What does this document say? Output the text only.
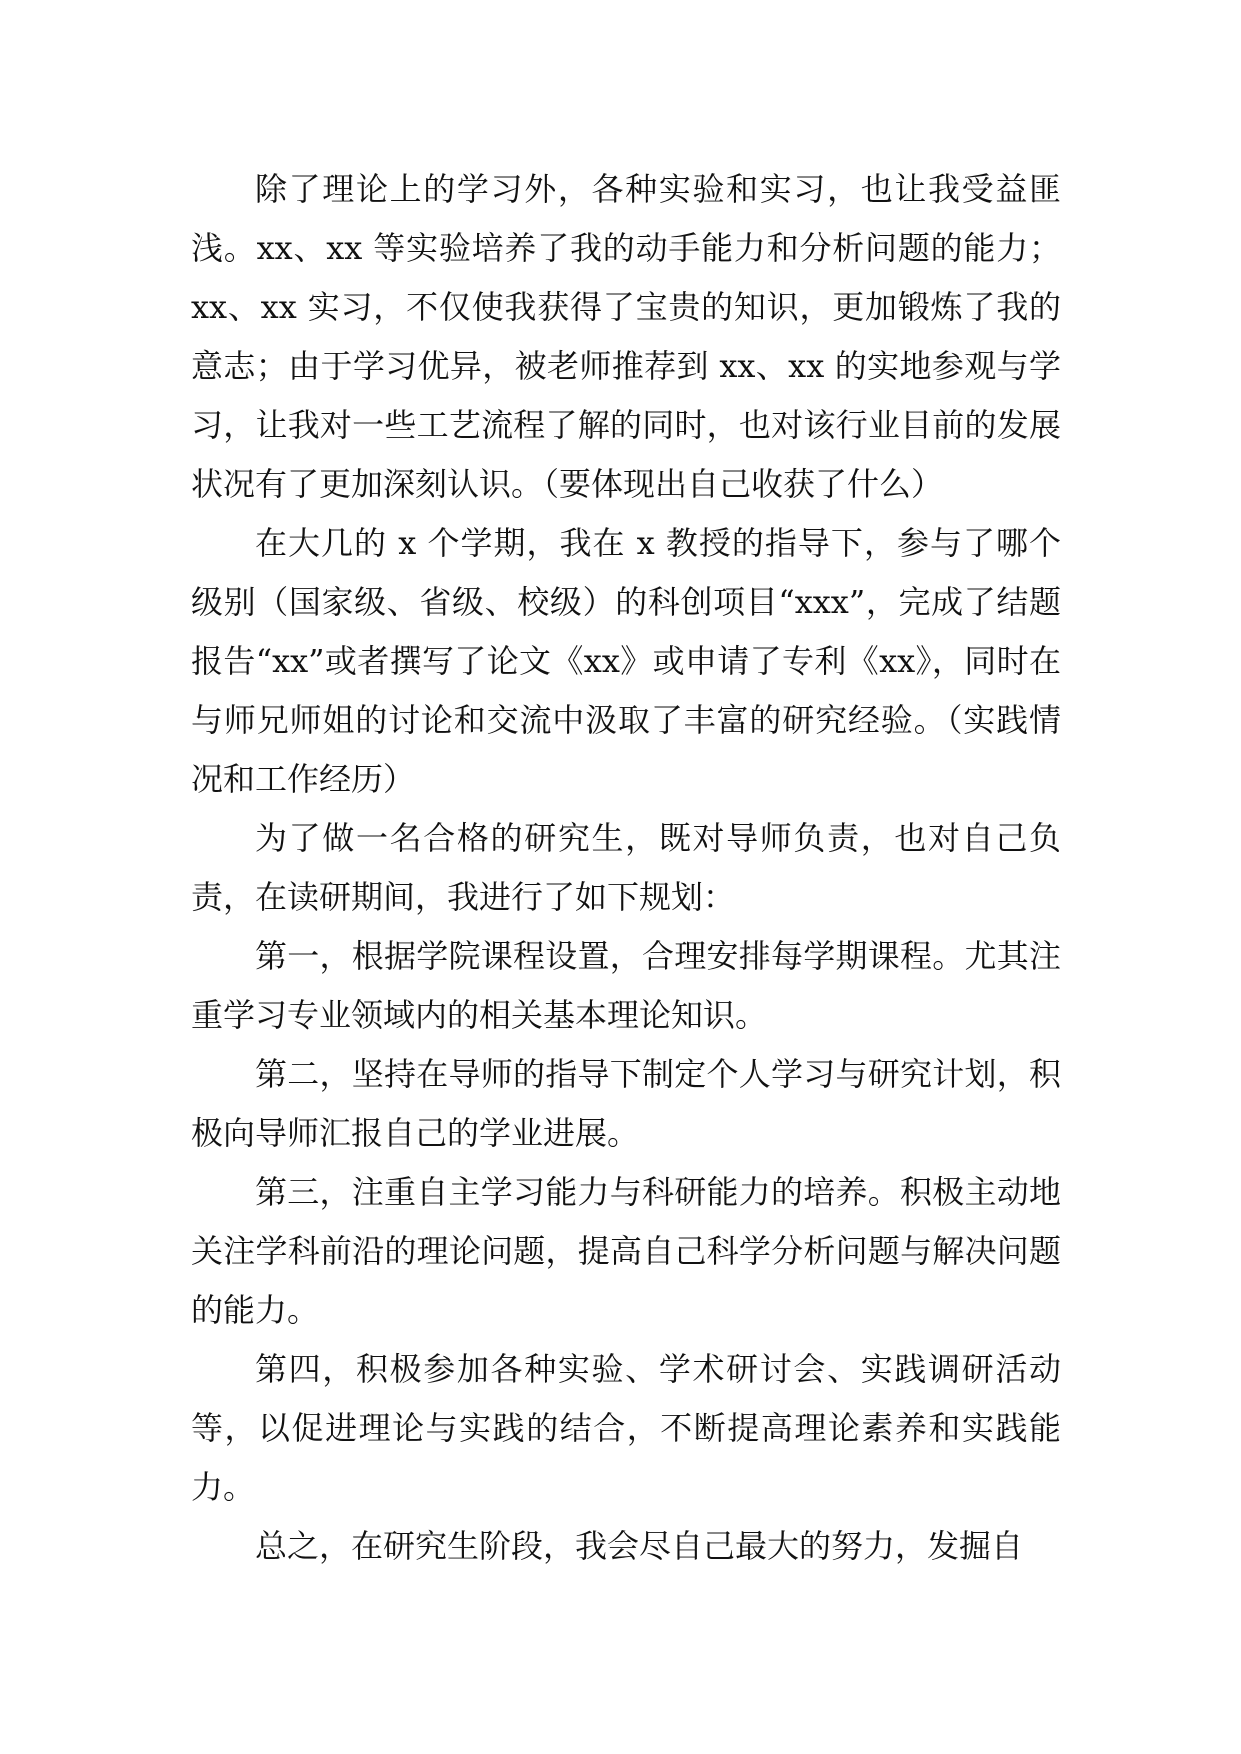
除了理论上的学习外，各种实验和实习，也让我受益匪浅。xx、xx 等实验培养了我的动手能力和分析问题的能力；xx、xx 实习，不仅使我获得了宝贵的知识，更加锻炼了我的意志；由于学习优异，被老师推荐到 xx、xx 的实地参观与学习，让我对一些工艺流程了解的同时，也对该行业目前的发展状况有了更加深刻认识。（要体现出自己收获了什么）

在大几的 x 个学期，我在 x 教授的指导下，参与了哪个级别（国家级、省级、校级）的科创项目“xxx”，完成了结题报告“xx”或者撰写了论文《xx》或申请了专利《xx》，同时在与师兄师姐的讨论和交流中汲取了丰富的研究经验。（实践情况和工作经历）

为了做一名合格的研究生，既对导师负责，也对自己负责，在读研期间，我进行了如下规划：

第一，根据学院课程设置，合理安排每学期课程。尤其注重学习专业领域内的相关基本理论知识。

第二，坚持在导师的指导下制定个人学习与研究计划，积极向导师汇报自己的学业进展。

第三，注重自主学习能力与科研能力的培养。积极主动地关注学科前沿的理论问题，提高自己科学分析问题与解决问题的能力。

第四，积极参加各种实验、学术研讨会、实践调研活动等，以促进理论与实践的结合，不断提高理论素养和实践能力。

总之，在研究生阶段，我会尽自己最大的努力，发掘自
